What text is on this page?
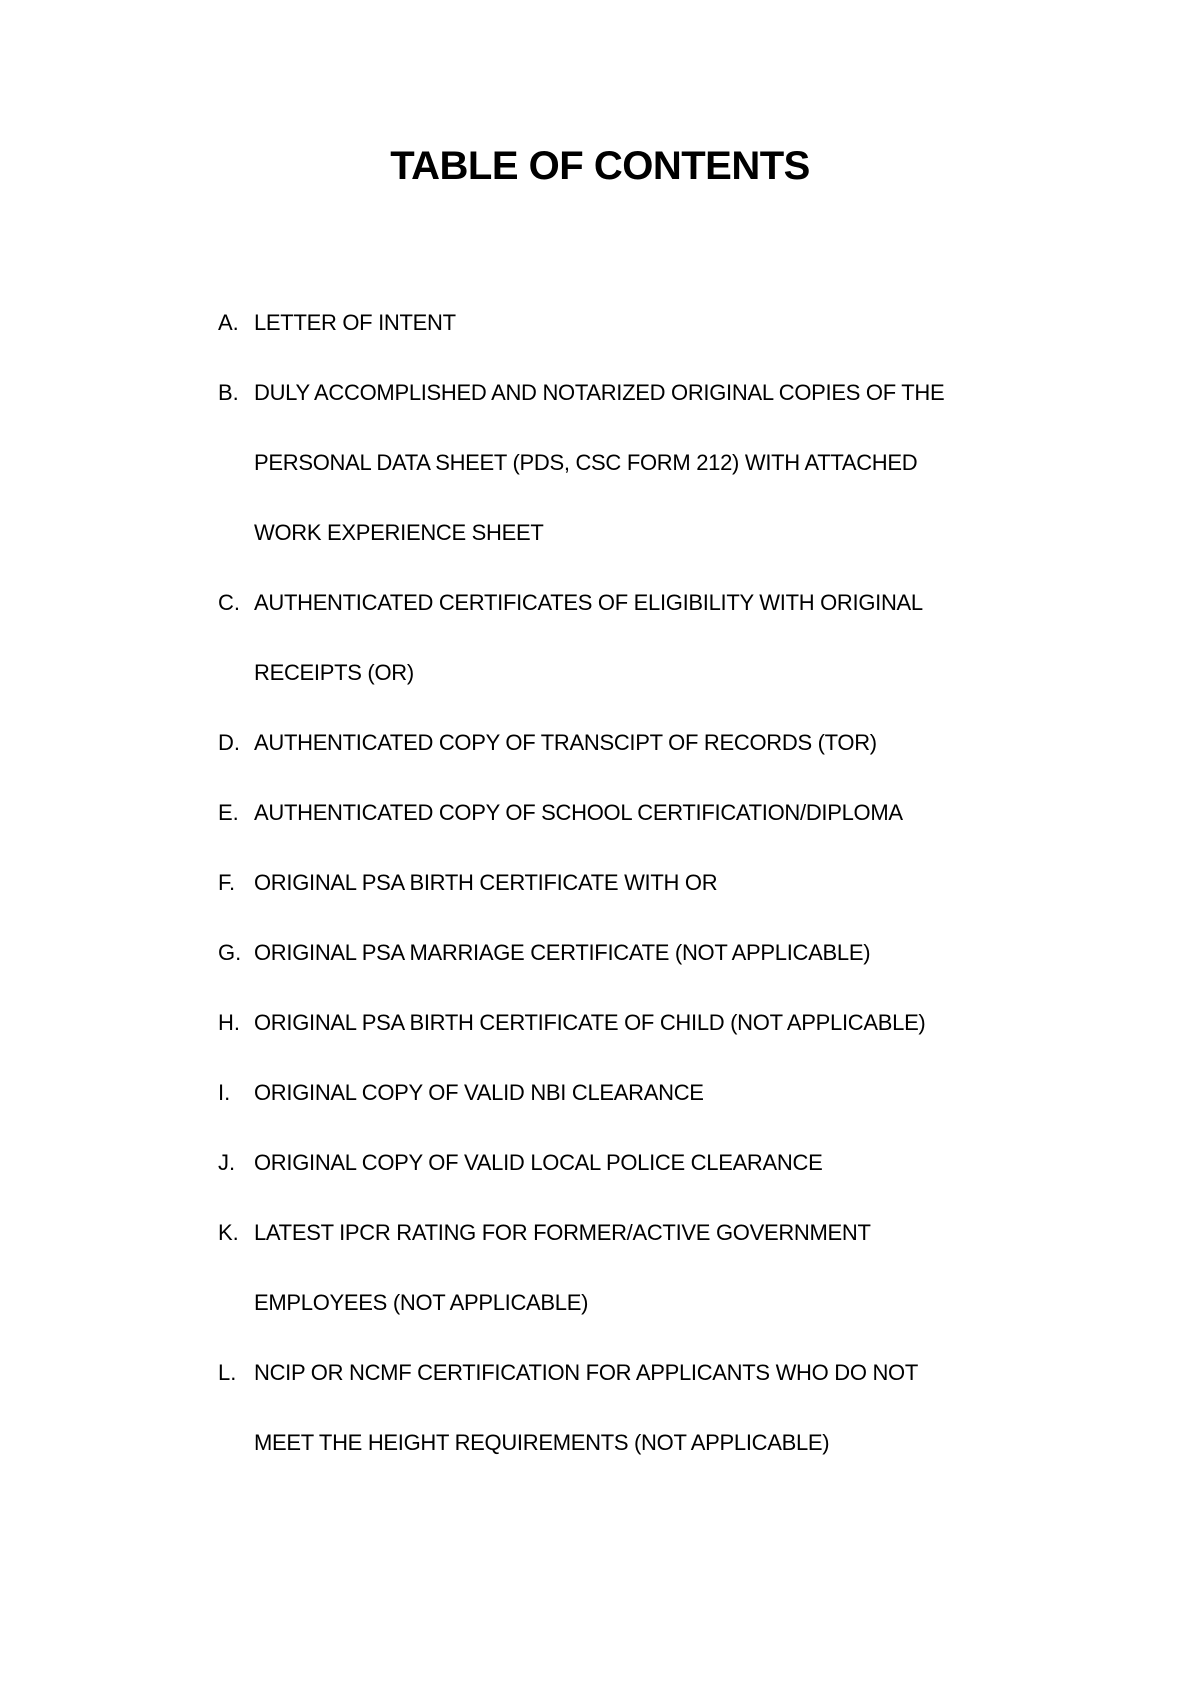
TABLE OF CONTENTS
A. LETTER OF INTENT
B. DULY ACCOMPLISHED AND NOTARIZED ORIGINAL COPIES OF THE
PERSONAL DATA SHEET (PDS, CSC FORM 212) WITH ATTACHED
WORK EXPERIENCE SHEET
C. AUTHENTICATED CERTIFICATES OF ELIGIBILITY WITH ORIGINAL
RECEIPTS (OR)
D. AUTHENTICATED COPY OF TRANSCIPT OF RECORDS (TOR)
E. AUTHENTICATED COPY OF SCHOOL CERTIFICATION/DIPLOMA
F. ORIGINAL PSA BIRTH CERTIFICATE WITH OR
G. ORIGINAL PSA MARRIAGE CERTIFICATE (NOT APPLICABLE)
H. ORIGINAL PSA BIRTH CERTIFICATE OF CHILD (NOT APPLICABLE)
I.	ORIGINAL COPY OF VALID NBI CLEARANCE
J. ORIGINAL COPY OF VALID LOCAL POLICE CLEARANCE
K. LATEST IPCR RATING FOR FORMER/ACTIVE GOVERNMENT
EMPLOYEES (NOT APPLICABLE)
L. NCIP OR NCMF CERTIFICATION FOR APPLICANTS WHO DO NOT
MEET THE HEIGHT REQUIREMENTS (NOT APPLICABLE)
